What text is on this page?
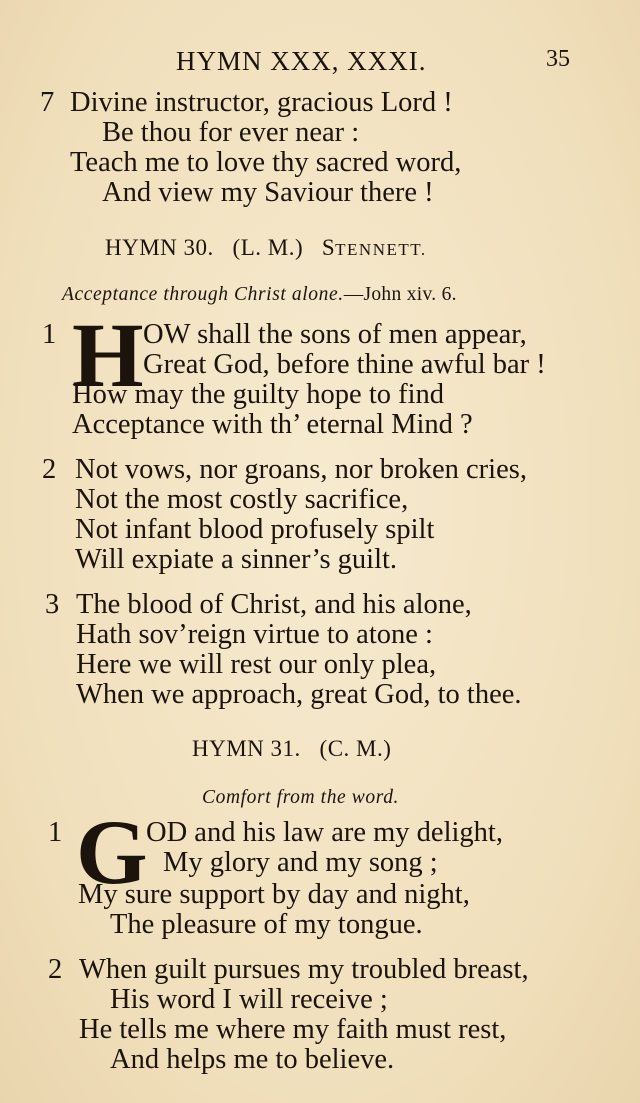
HYMN XXX, XXXI.	35
7 Divine instructor, gracious Lord !
Be thou for ever near :
Teach me to love thy sacred word,
And view my Saviour there !
HYMN 30. (L. M.) STENNETT.
Acceptance through Christ alone.—John xiv. 6.
1 H OW shall the sons of men appear,
Great God, before thine awful bar !
How may the guilty hope to find
Acceptance with th’ eternal Mind ?
2 Not vows, nor groans, nor broken cries,
Not the most costly sacrifice,
Not infant blood profusely spilt
Will expiate a sinner’s guilt.
3 The blood of Christ, and his alone,
Hath sov’reign virtue to atone :
Here we will rest our only plea,
When we approach, great God, to thee.
HYMN 31. (C. M.)
Comfort from the word.
1 G
OD and his law are my delight,
My glory and my song ;
My sure support by day and night,
The pleasure of my tongue.
2 When guilt pursues my troubled breast,
His word I will receive ;
He tells me where my faith must rest,
And helps me to believe.
